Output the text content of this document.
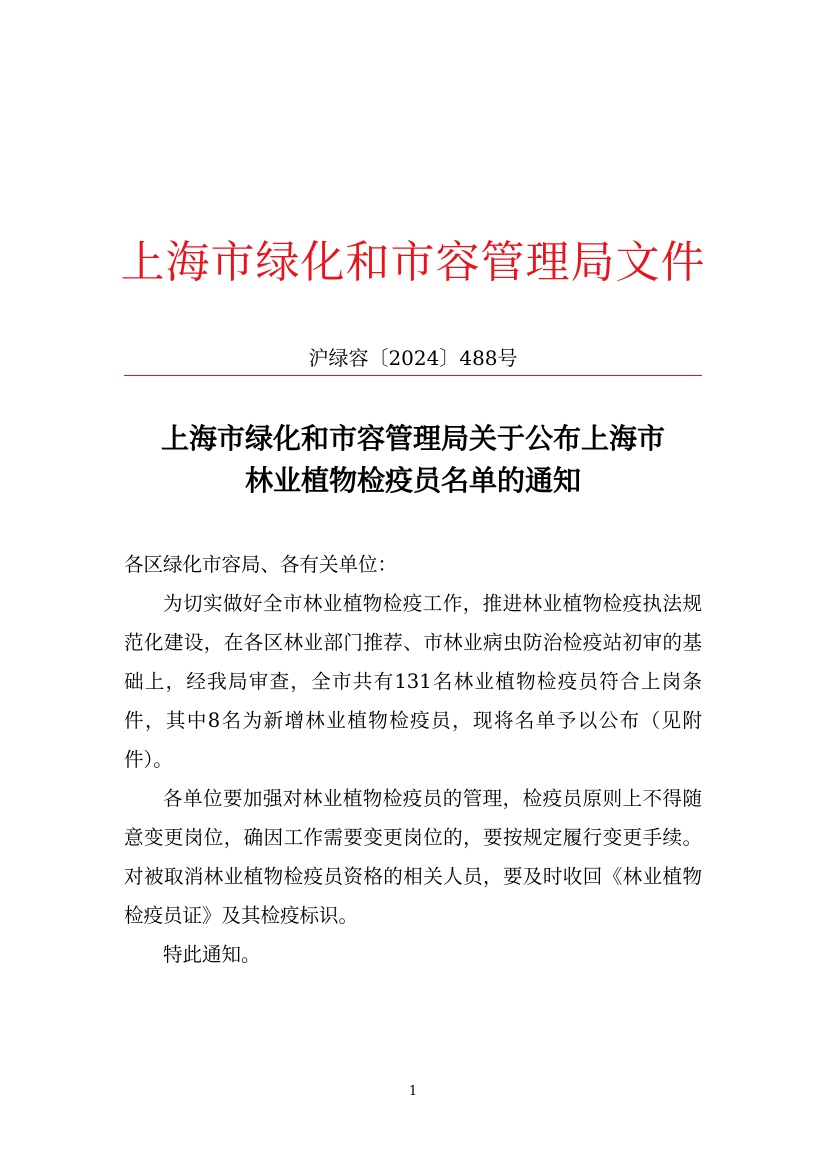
上海市绿化和市容管理局文件
沪绿容〔2024〕488号
上海市绿化和市容管理局关于公布上海市
林业植物检疫员名单的通知

各区绿化市容局、各有关单位：

为切实做好全市林业植物检疫工作，推进林业植物检疫执法规范化建设，在各区林业部门推荐、市林业病虫防治检疫站初审的基础上，经我局审查，全市共有131名林业植物检疫员符合上岗条件，其中8名为新增林业植物检疫员，现将名单予以公布（见附件）。

各单位要加强对林业植物检疫员的管理，检疫员原则上不得随意变更岗位，确因工作需要变更岗位的，要按规定履行变更手续。对被取消林业植物检疫员资格的相关人员，要及时收回《林业植物检疫员证》及其检疫标识。

特此通知。

1
